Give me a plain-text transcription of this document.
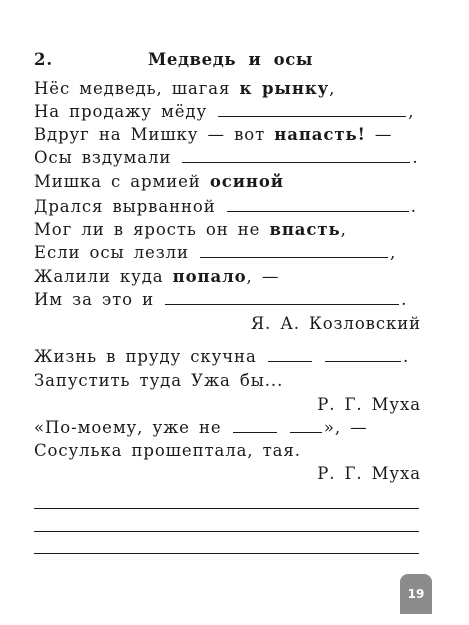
2.	Медведь и осы
Нёс медведь, шагая к рынку,
На продажу мёду	,
Вдруг на Мишку — вот напасть! —
Осы вздумали	.
Мишка с армией осиной
Дрался вырванной	.
Мог ли в ярость он не впасть,
Если осы лезли	,
Жалили куда попало, —
Им за это и	.
Я. А. Козловский
Жизнь в пруду скучна	.
Запустить туда Ужа бы...
Р. Г. Муха
«По-моему, уже не	», —
Сосулька прошептала, тая.
Р. Г. Муха
19
